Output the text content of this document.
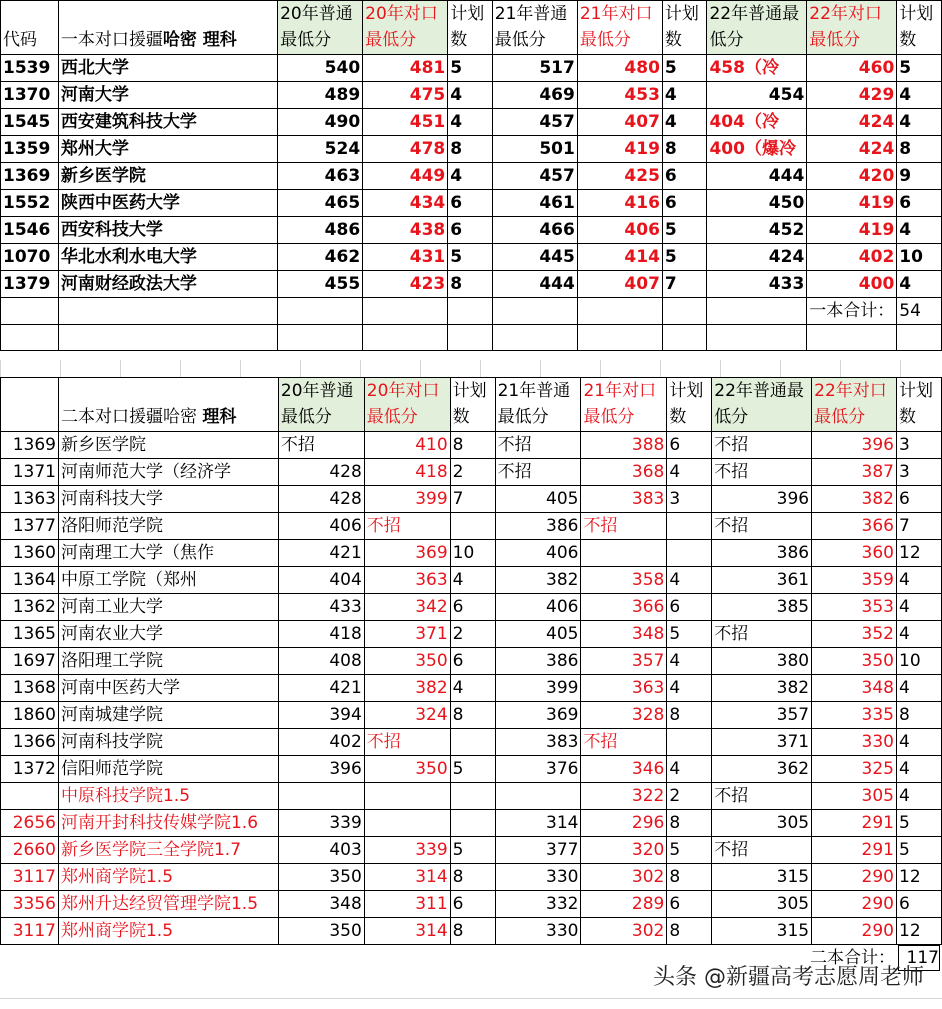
代码	一本对口援疆哈密 理科	20年普通最低分	20年对口最低分	计划数	21年普通最低分	21年对口最低分	计划数	22年普通最低分	22年对口最低分	计划数
1539	西北大学	540	481	5	517	480	5	458（冷	460	5
1370	河南大学	489	475	4	469	453	4	454	429	4
1545	西安建筑科技大学	490	451	4	457	407	4	404（冷	424	4
1359	郑州大学	524	478	8	501	419	8	400（爆冷	424	8
1369	新乡医学院	463	449	4	457	425	6	444	420	9
1552	陕西中医药大学	465	434	6	461	416	6	450	419	6
1546	西安科技大学	486	438	6	466	406	5	452	419	4
1070	华北水利水电大学	462	431	5	445	414	5	424	402	10
1379	河南财经政法大学	455	423	8	444	407	7	433	400	4
									一本合计：	54

	二本对口援疆哈密 理科	20年普通最低分	20年对口最低分	计划数	21年普通最低分	21年对口最低分	计划数	22年普通最低分	22年对口最低分	计划数
1369	新乡医学院	不招	410	8	不招	388	6	不招	396	3
1371	河南师范大学（经济学	428	418	2	不招	368	4	不招	387	3
1363	河南科技大学	428	399	7	405	383	3	396	382	6
1377	洛阳师范学院	406	不招		386	不招		不招	366	7
1360	河南理工大学（焦作	421	369	10	406			386	360	12
1364	中原工学院（郑州	404	363	4	382	358	4	361	359	4
1362	河南工业大学	433	342	6	406	366	6	385	353	4
1365	河南农业大学	418	371	2	405	348	5	不招	352	4
1697	洛阳理工学院	408	350	6	386	357	4	380	350	10
1368	河南中医药大学	421	382	4	399	363	4	382	348	4
1860	河南城建学院	394	324	8	369	328	8	357	335	8
1366	河南科技学院	402	不招		383	不招		371	330	4
1372	信阳师范学院	396	350	5	376	346	4	362	325	4
	中原科技学院1.5					322	2	不招	305	4
2656	河南开封科技传媒学院1.6	339			314	296	8	305	291	5
2660	新乡医学院三全学院1.7	403	339	5	377	320	5	不招	291	5
3117	郑州商学院1.5	350	314	8	330	302	8	315	290	12
3356	郑州升达经贸管理学院1.5	348	311	6	332	289	6	305	290	6
3117	郑州商学院1.5	350	314	8	330	302	8	315	290	12
二本合计： 117
头条 @新疆高考志愿周老师
